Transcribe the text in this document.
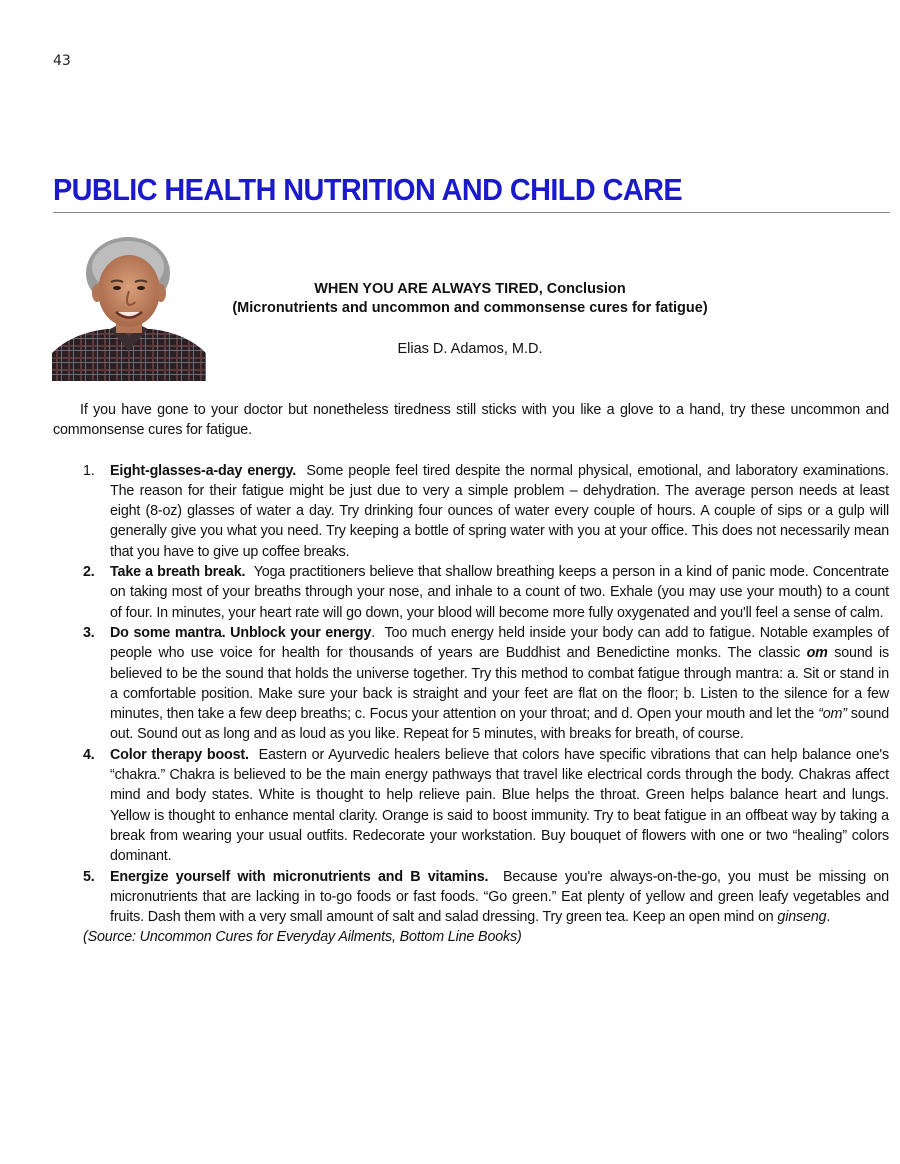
43
PUBLIC HEALTH NUTRITION AND CHILD CARE
WHEN YOU ARE ALWAYS TIRED, Conclusion
(Micronutrients and uncommon and commonsense cures for fatigue)
Elias D. Adamos, M.D.

If you have gone to your doctor but nonetheless tiredness still sticks with you like a glove to a hand, try these uncommon and commonsense cures for fatigue.

1. Eight-glasses-a-day energy. Some people feel tired despite the normal physical, emotional, and laboratory examinations. The reason for their fatigue might be just due to very a simple problem – dehydration. The average person needs at least eight (8-oz) glasses of water a day. Try drinking four ounces of water every couple of hours. A couple of sips or a gulp will generally give you what you need. Try keeping a bottle of spring water with you at your office. This does not necessarily mean that you have to give up coffee breaks.
2. Take a breath break. Yoga practitioners believe that shallow breathing keeps a person in a kind of panic mode. Concentrate on taking most of your breaths through your nose, and inhale to a count of two. Exhale (you may use your mouth) to a count of four. In minutes, your heart rate will go down, your blood will become more fully oxygenated and you'll feel a sense of calm.
3. Do some mantra. Unblock your energy. Too much energy held inside your body can add to fatigue. Notable examples of people who use voice for health for thousands of years are Buddhist and Benedictine monks. The classic om sound is believed to be the sound that holds the universe together. Try this method to combat fatigue through mantra: a. Sit or stand in a comfortable position. Make sure your back is straight and your feet are flat on the floor; b. Listen to the silence for a few minutes, then take a few deep breaths; c. Focus your attention on your throat; and d. Open your mouth and let the “om” sound out. Sound out as long and as loud as you like. Repeat for 5 minutes, with breaks for breath, of course.
4. Color therapy boost. Eastern or Ayurvedic healers believe that colors have specific vibrations that can help balance one's “chakra.” Chakra is believed to be the main energy pathways that travel like electrical cords through the body. Chakras affect mind and body states. White is thought to help relieve pain. Blue helps the throat. Green helps balance heart and lungs. Yellow is thought to enhance mental clarity. Orange is said to boost immunity. Try to beat fatigue in an offbeat way by taking a break from wearing your usual outfits. Redecorate your workstation. Buy bouquet of flowers with one or two “healing” colors dominant.
5. Energize yourself with micronutrients and B vitamins. Because you're always-on-the-go, you must be missing on micronutrients that are lacking in to-go foods or fast foods. “Go green.” Eat plenty of yellow and green leafy vegetables and fruits. Dash them with a very small amount of salt and salad dressing. Try green tea. Keep an open mind on ginseng.

(Source: Uncommon Cures for Everyday Ailments, Bottom Line Books)
